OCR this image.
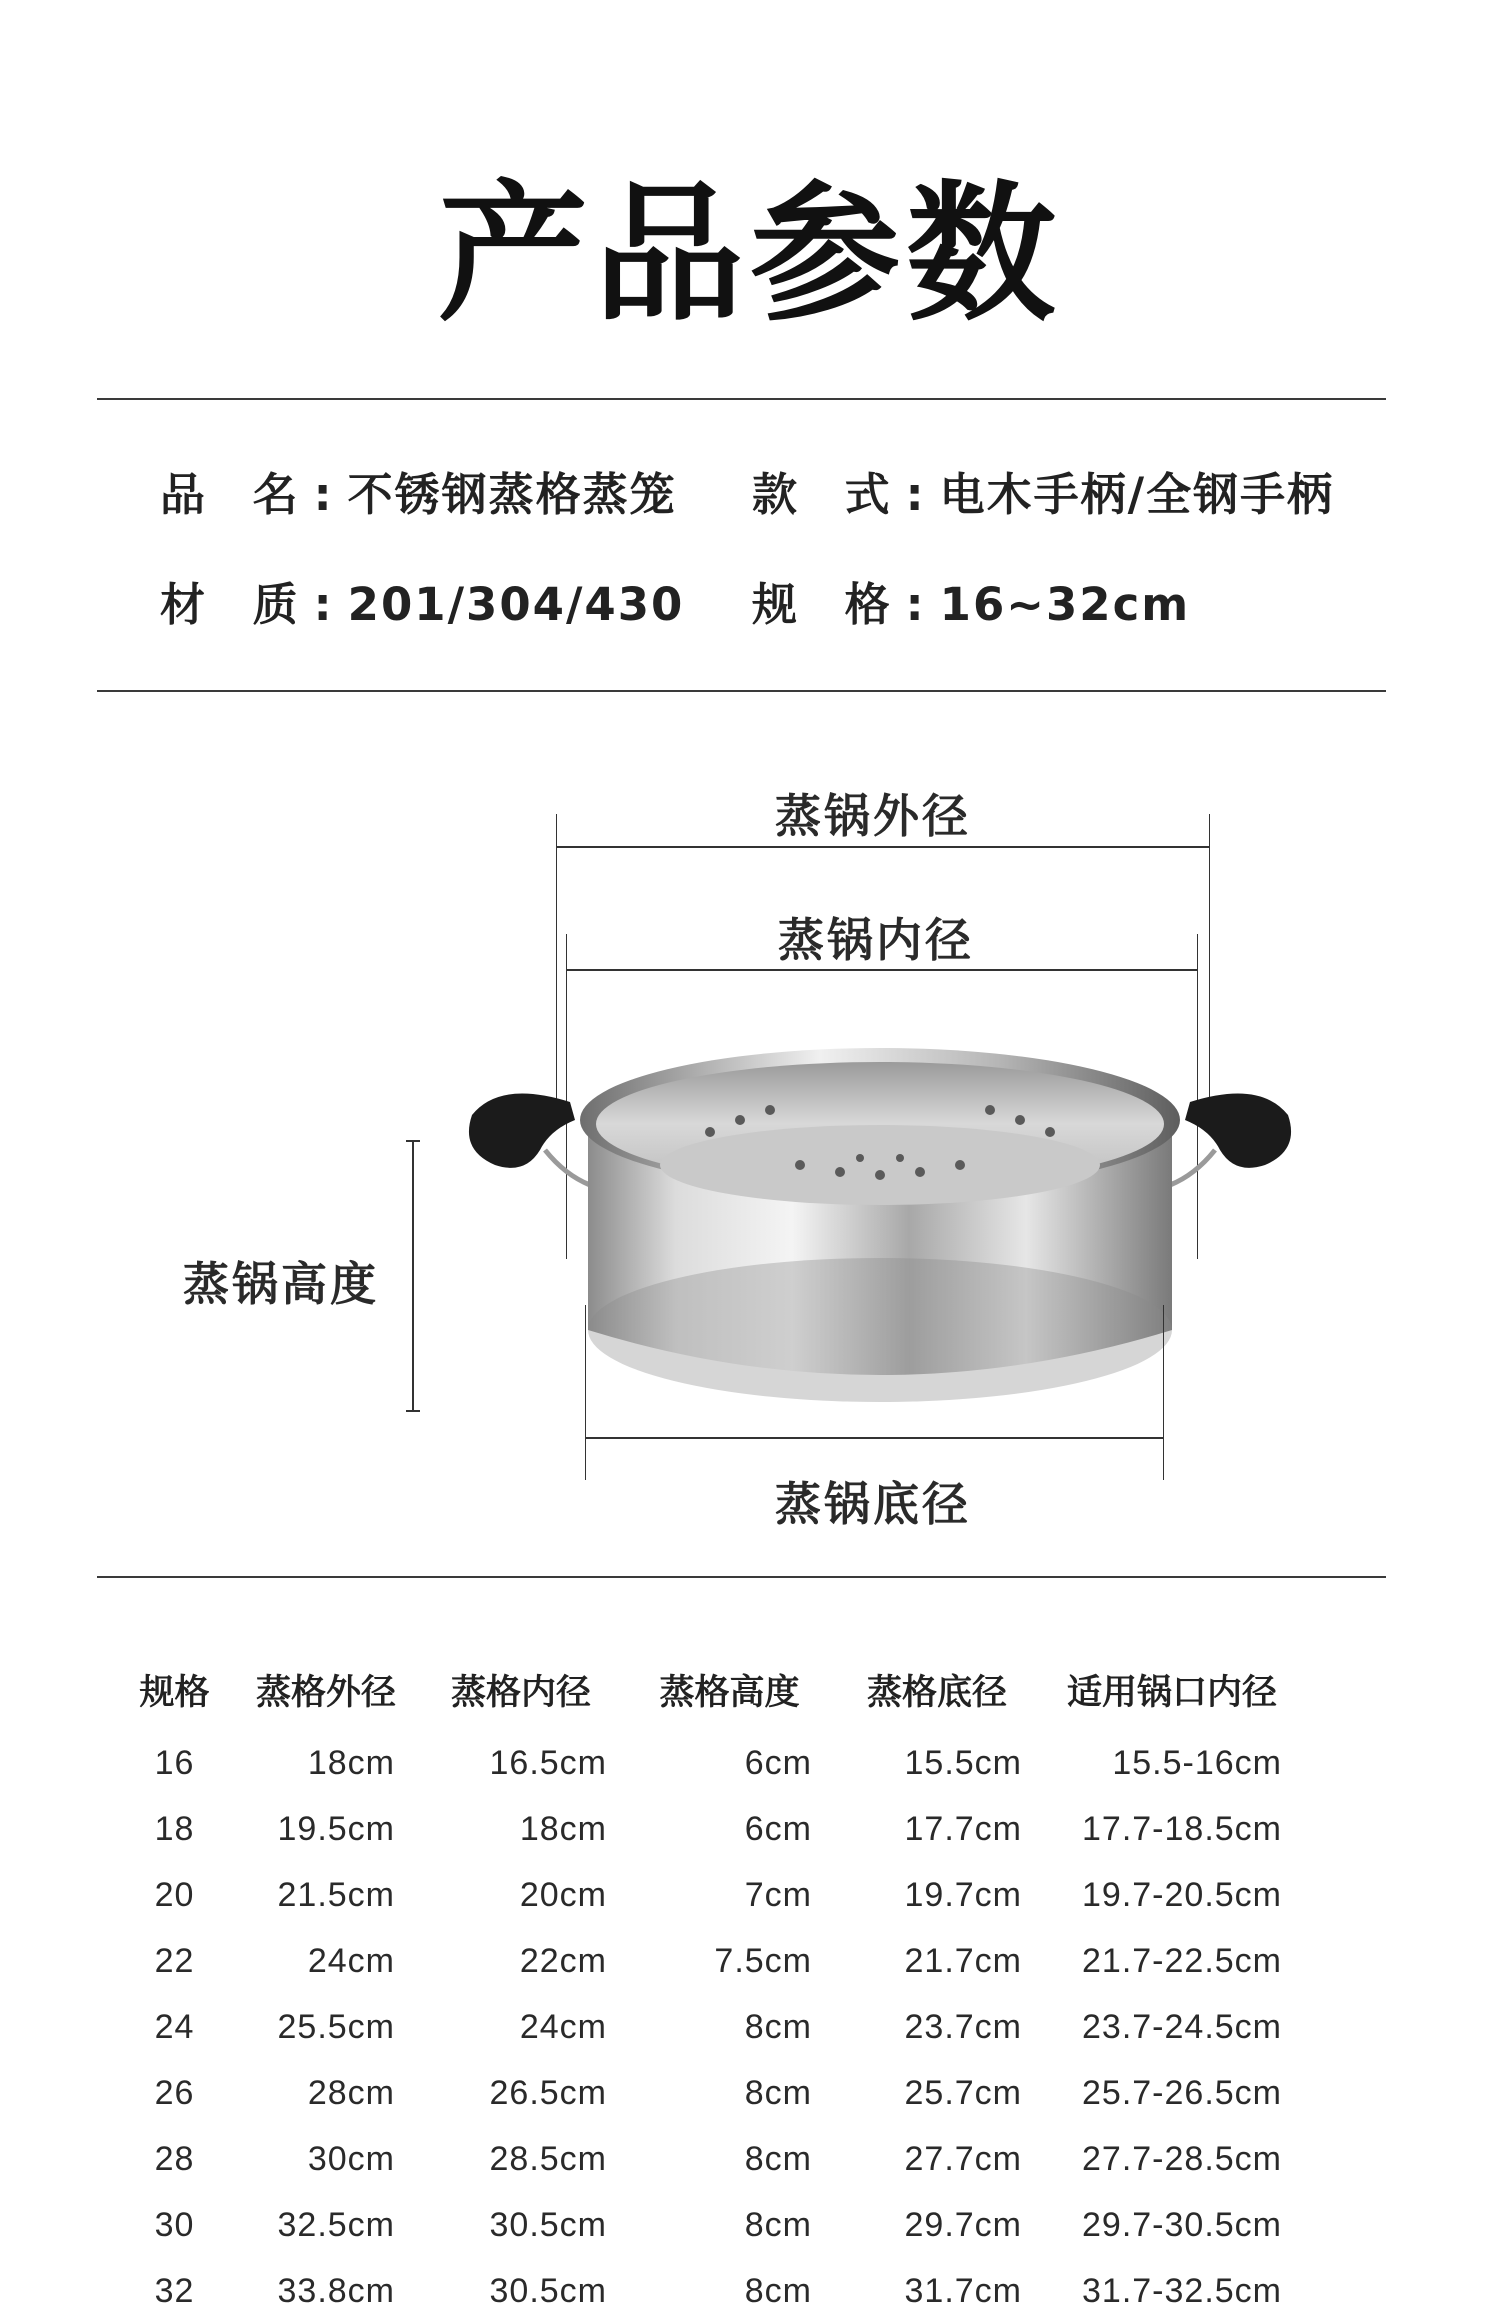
产品参数
品 名:不锈钢蒸格蒸笼 款 式:电木手柄/全钢手柄
材 质:201/304/430 规 格:16~32cm
蒸锅外径
蒸锅内径
蒸锅高度
蒸锅底径
规格	蒸格外径	蒸格内径	蒸格高度	蒸格底径	适用锅口内径
16	18cm	16.5cm	6cm	15.5cm	15.5-16cm
18	19.5cm	18cm	6cm	17.7cm	17.7-18.5cm
20	21.5cm	20cm	7cm	19.7cm	19.7-20.5cm
22	24cm	22cm	7.5cm	21.7cm	21.7-22.5cm
24	25.5cm	24cm	8cm	23.7cm	23.7-24.5cm
26	28cm	26.5cm	8cm	25.7cm	25.7-26.5cm
28	30cm	28.5cm	8cm	27.7cm	27.7-28.5cm
30	32.5cm	30.5cm	8cm	29.7cm	29.7-30.5cm
32	33.8cm	30.5cm	8cm	31.7cm	31.7-32.5cm
